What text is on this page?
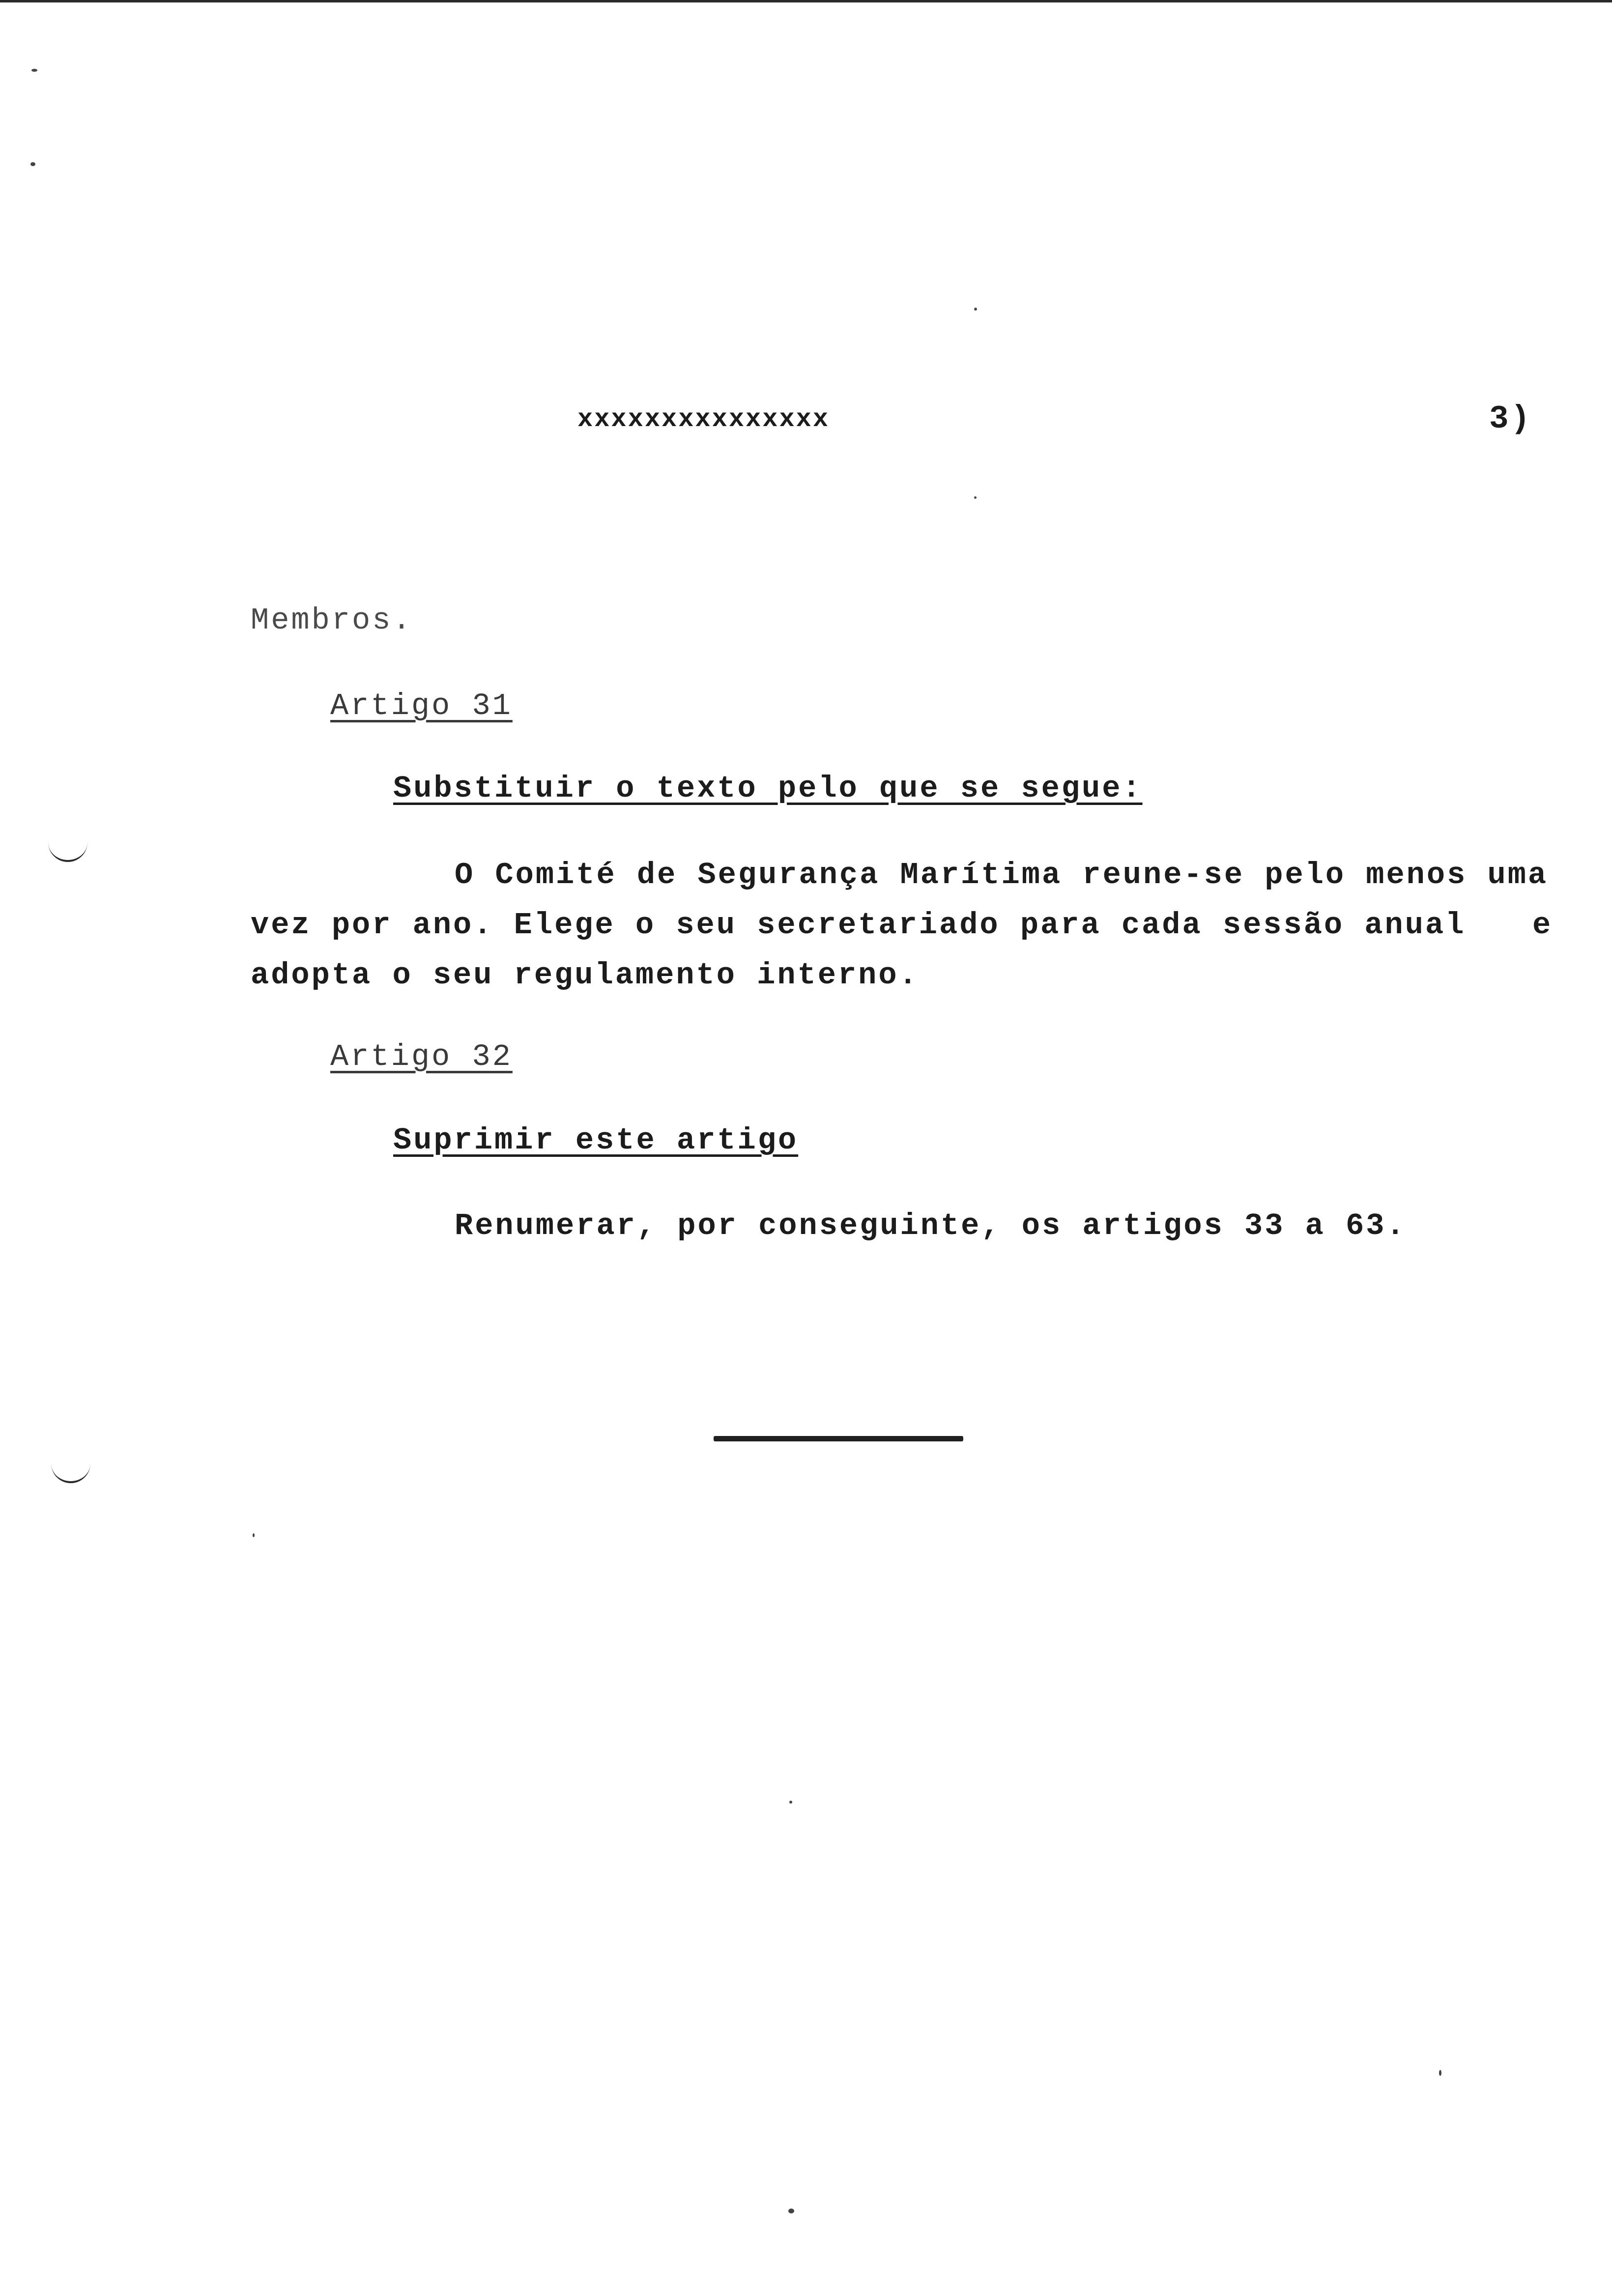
xxxxxxxxxxxxxxx	3)
Membros.
Artigo 31
Substituir o texto pelo que se segue:
O Comité de Segurança Marítima reune-se pelo menos uma
vez por ano. Elege o seu secretariado para cada sessão anual e
adopta o seu regulamento interno.
Artigo 32
Suprimir este artigo
Renumerar, por conseguinte, os artigos 33 a 63.
